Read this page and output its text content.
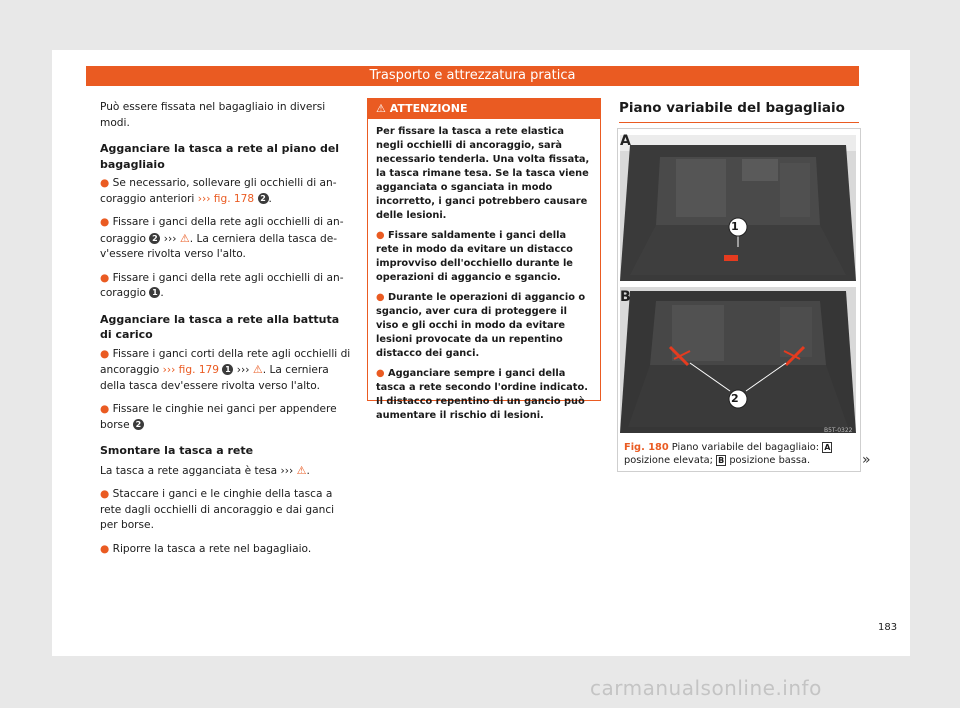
Trasporto e attrezzatura pratica

Può essere fissata nel bagagliaio in diversi modi.

Agganciare la tasca a rete al piano del bagagliaio

● Se necessario, sollevare gli occhielli di ancoraggio anteriori ››› fig. 178 2 .

● Fissare i ganci della rete agli occhielli di ancoraggio 2 ››› ⚠. La cerniera della tasca dev'essere rivolta verso l'alto.

● Fissare i ganci della rete agli occhielli di ancoraggio 1 .

Agganciare la tasca a rete alla battuta di carico

● Fissare i ganci corti della rete agli occhielli di ancoraggio ››› fig. 179 1 ››› ⚠. La cerniera della tasca dev'essere rivolta verso l'alto.

● Fissare le cinghie nei ganci per appendere borse 2

Smontare la tasca a rete

La tasca a rete agganciata è tesa ››› ⚠.

● Staccare i ganci e le cinghie della tasca a rete dagli occhielli di ancoraggio e dai ganci per borse.

● Riporre la tasca a rete nel bagagliaio.

⚠ ATTENZIONE

Per fissare la tasca a rete elastica negli occhielli di ancoraggio, sarà necessario tenderla. Una volta fissata, la tasca rimane tesa. Se la tasca viene agganciata o sganciata in modo incorretto, i ganci potrebbero causare delle lesioni.

● Fissare saldamente i ganci della rete in modo da evitare un distacco improvviso dell'occhiello durante le operazioni di aggancio e sgancio.

● Durante le operazioni di aggancio o sgancio, aver cura di proteggere il viso e gli occhi in modo da evitare lesioni provocate da un repentino distacco dei ganci.

● Agganciare sempre i ganci della tasca a rete secondo l'ordine indicato. Il distacco repentino di un gancio può aumentare il rischio di lesioni.

Piano variabile del bagagliaio
A
1
B
2
B5T-0322
Fig. 180 Piano variabile del bagagliaio: A posizione elevata; B posizione bassa.	»
183
carmanualsonline.info
